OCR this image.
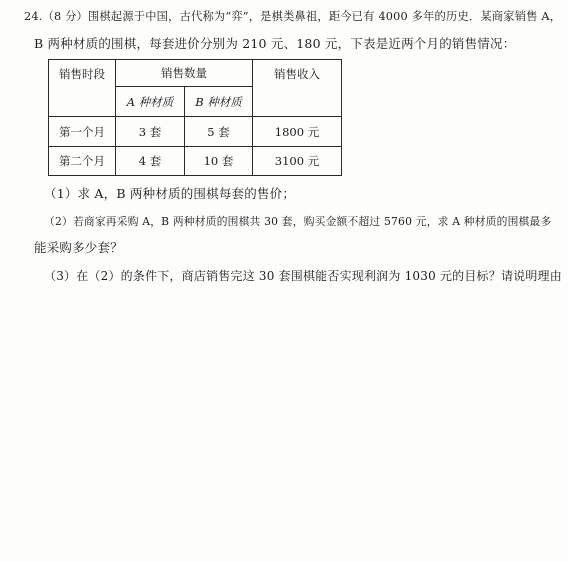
24.（8 分）围棋起源于中国，古代称为“弈”，是棋类鼻祖，距今已有 4000 多年的历史．某商家销售 A，
B 两种材质的围棋，每套进价分别为 210 元、180 元，下表是近两个月的销售情况：
销售时段	销售数量		销售收入
	A 种材质	B 种材质	
第一个月	3 套	5 套	1800 元
第二个月	4 套	10 套	3100 元
（1）求 A，B 两种材质的围棋每套的售价；
（2）若商家再采购 A，B 两种材质的围棋共 30 套，购买金额不超过 5760 元，求 A 种材质的围棋最多
能采购多少套？
（3）在（2）的条件下，商店销售完这 30 套围棋能否实现利润为 1030 元的目标？请说明理由
